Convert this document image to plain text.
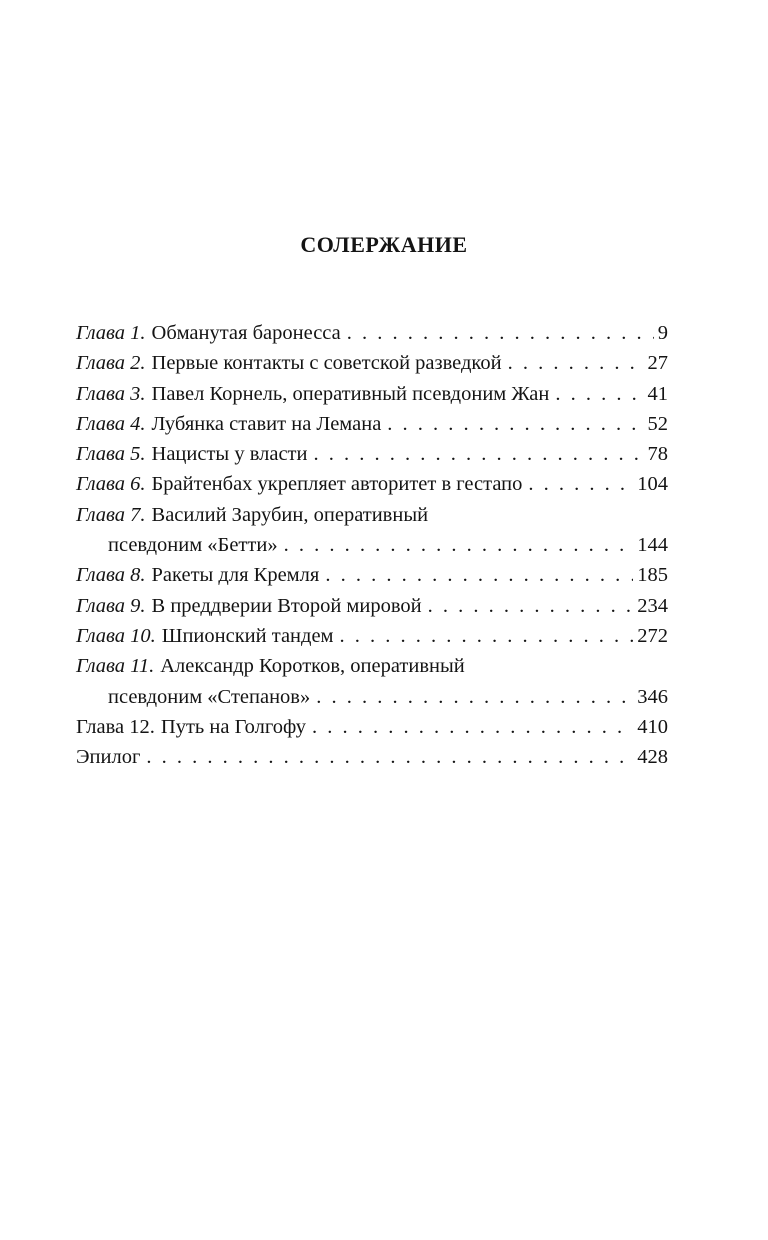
СОЛЕРЖАНИЕ
Глава 1. Обманутая баронесса . . .	9
Глава 2. Первые контакты с советской разведкой . . .	27
Глава 3. Павел Корнель, оперативный псевдоним Жан . . .	41
Глава 4. Лубянка ставит на Лемана . . .	52
Глава 5. Нацисты у власти . . .	78
Глава 6. Брайтенбах укрепляет авторитет в гестапо . . .	104
Глава 7. Василий Зарубин, оперативный
псевдоним «Бетти» . . .	144
Глава 8. Ракеты для Кремля . . .	185
Глава 9. В преддверии Второй мировой . . .	234
Глава 10. Шпионский тандем . . .	272
Глава 11. Александр Коротков, оперативный
псевдоним «Степанов» . . .	346
Глава 12. Путь на Голгофу . . .	410
Эпилог . . .	428
